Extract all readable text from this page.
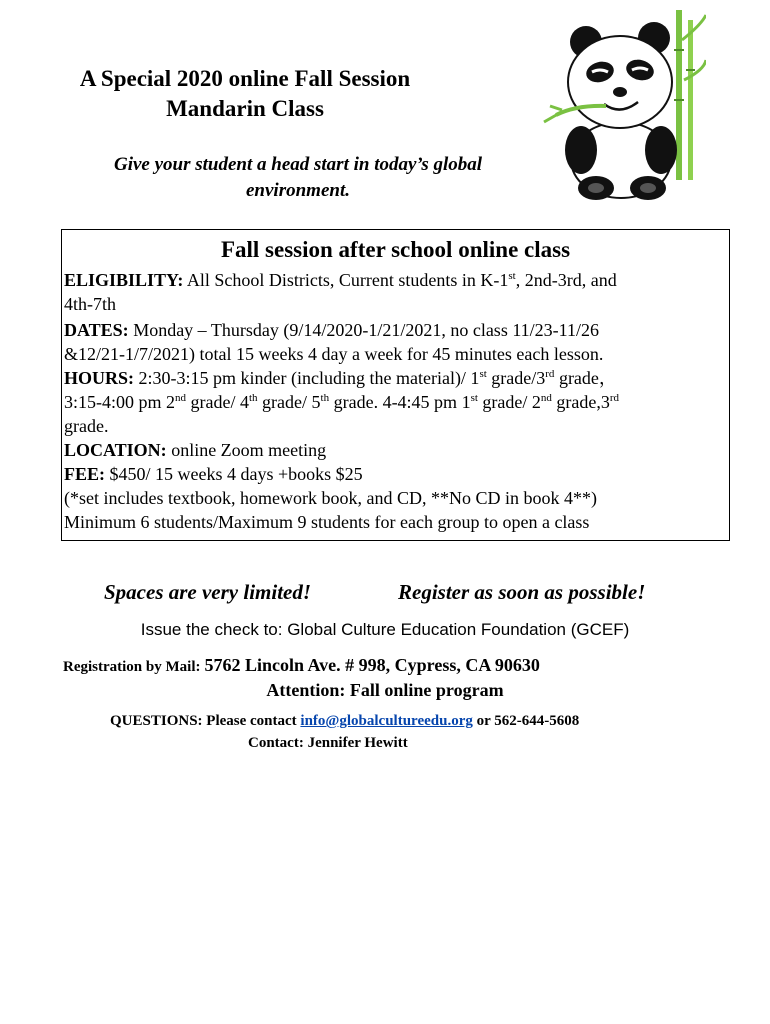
A Special 2020 online Fall Session
Mandarin Class

Give your student a head start in today’s global
environment.

Fall session after school online class

ELIGIBILITY: All School Districts, Current students in K-1st, 2nd-3rd, and
4th-7th

DATES: Monday – Thursday (9/14/2020-1/21/2021, no class 11/23-11/26
&12/21-1/7/2021) total 15 weeks 4 day a week for 45 minutes each lesson.

HOURS: 2:30-3:15 pm kinder (including the material)/ 1st grade/3rd grade，
3:15-4:00 pm 2nd grade/ 4th grade/ 5th grade. 4-4:45 pm 1st grade/ 2nd grade,3rd
grade.

LOCATION: online Zoom meeting

FEE: $450/ 15 weeks 4 days +books $25
(*set includes textbook, homework book, and CD, **No CD in book 4**)
Minimum 6 students/Maximum 9 students for each group to open a class

Spaces are very limited!	Register as soon as possible!

Issue the check to: Global Culture Education Foundation (GCEF)

Registration by Mail: 5762 Lincoln Ave. # 998, Cypress, CA 90630

Attention: Fall online program

QUESTIONS: Please contact info@globalcultureedu.org or 562-644-5608

Contact: Jennifer Hewitt
